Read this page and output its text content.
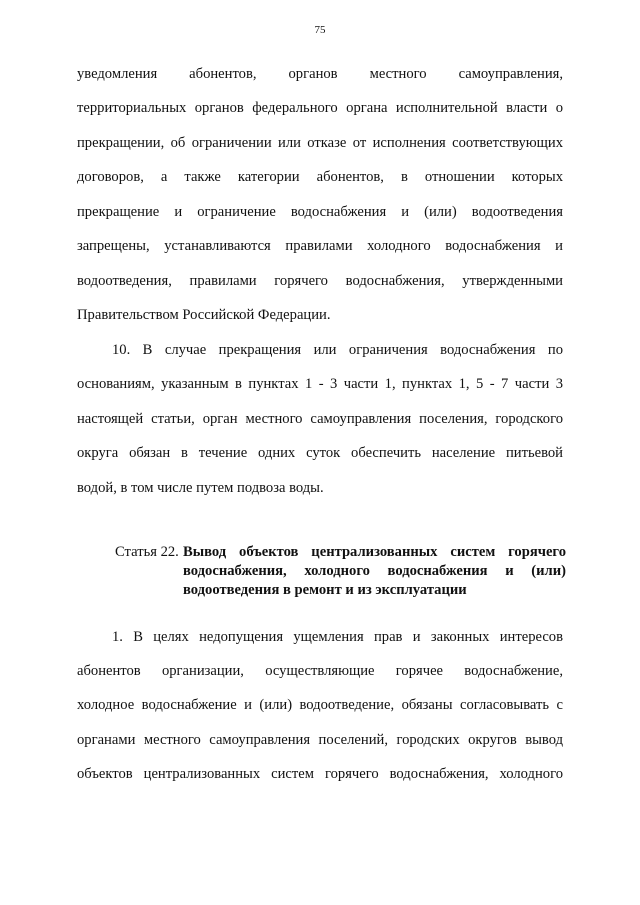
75
уведомления абонентов, органов местного самоуправления,
территориальных органов федерального органа исполнительной власти о
прекращении, об ограничении или отказе от исполнения соответствующих
договоров, а также категории абонентов, в отношении которых
прекращение и ограничение водоснабжения и (или) водоотведения
запрещены, устанавливаются правилами холодного водоснабжения и
водоотведения, правилами горячего водоснабжения, утвержденными
Правительством Российской Федерации.
10. В случае прекращения или ограничения водоснабжения по
основаниям, указанным в пунктах 1 - 3 части 1, пунктах 1, 5 - 7 части 3
настоящей статьи, орган местного самоуправления поселения, городского
округа обязан в течение одних суток обеспечить население питьевой
водой, в том числе путем подвоза воды.
Статья 22. Вывод объектов централизованных систем горячего
водоснабжения, холодного водоснабжения и (или)
водоотведения в ремонт и из эксплуатации
1. В целях недопущения ущемления прав и законных интересов
абонентов организации, осуществляющие горячее водоснабжение,
холодное водоснабжение и (или) водоотведение, обязаны согласовывать с
органами местного самоуправления поселений, городских округов вывод
объектов централизованных систем горячего водоснабжения, холодного
